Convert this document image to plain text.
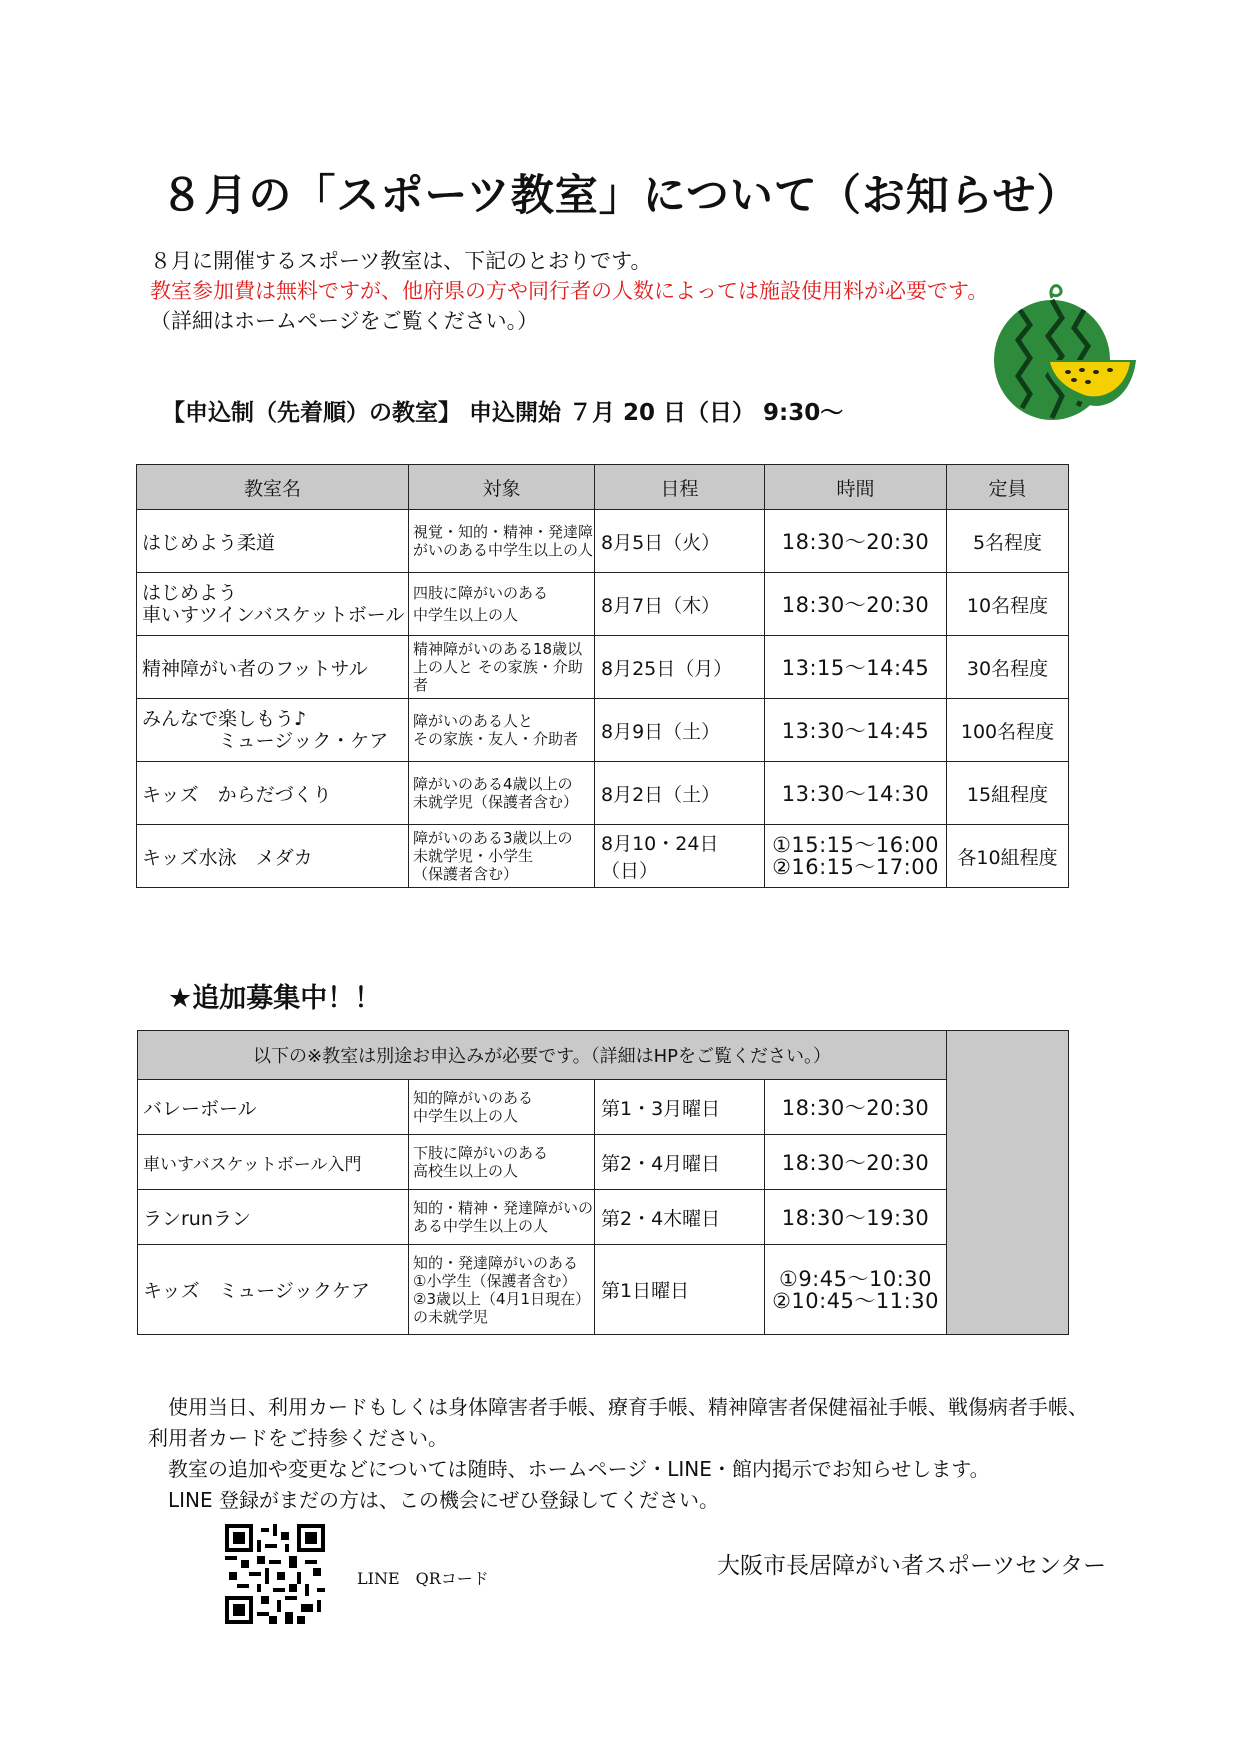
８月の「スポーツ教室」について（お知らせ）
８月に開催するスポーツ教室は、下記のとおりです。
教室参加費は無料ですが、他府県の方や同行者の人数によっては施設使用料が必要です。
（詳細はホームページをご覧ください。）
【申込制（先着順）の教室】 申込開始 ７月 20 日（日） 9:30～
教室名	対象	日程	時間	定員
はじめよう柔道	視覚・知的・精神・発達障がいのある中学生以上の人	8月5日（火）	18:30～20:30	5名程度

はじめよう
車いすツインバスケットボール	四肢に障がいのある
中学生以上の人	8月7日（木）	18:30～20:30	10名程度
精神障がい者のフットサル	精神障がいのある18歳以上の人と その家族・介助者	8月25日（月）	13:15～14:45	30名程度
みんなで楽しもう♪
　　　　ミュージック・ケア	障がいのある人と
その家族・友人・介助者	8月9日（土）	13:30～14:45	100名程度
キッズ　からだづくり	障がいのある4歳以上の
未就学児（保護者含む）	8月2日（土）	13:30～14:30	15組程度
キッズ水泳　メダカ	障がいのある3歳以上の
未就学児・小学生
（保護者含む）	8月10・24日（日）	①15:15～16:00
②16:15～17:00	各10組程度
★追加募集中！！
以下の※教室は別途お申込みが必要です。（詳細はHPをご覧ください。）				
バレーボール	知的障がいのある
中学生以上の人	第1・3月曜日	18:30～20:30	
車いすバスケットボール入門	下肢に障がいのある
高校生以上の人	第2・4月曜日	18:30～20:30	
ランrunラン	知的・精神・発達障がいのある中学生以上の人	第2・4木曜日	18:30～19:30	
キッズ　ミュージックケア	知的・発達障がいのある
①小学生（保護者含む）
②3歳以上（4月1日現在）の未就学児	第1日曜日	①9:45～10:30
②10:45～11:30	
使用当日、利用カードもしくは身体障害者手帳、療育手帳、精神障害者保健福祉手帳、戦傷病者手帳、
利用者カードをご持参ください。
教室の追加や変更などについては随時、ホームページ・LINE・館内掲示でお知らせします。
LINE 登録がまだの方は、この機会にぜひ登録してください。
LINE　QRコード	大阪市長居障がい者スポーツセンター
